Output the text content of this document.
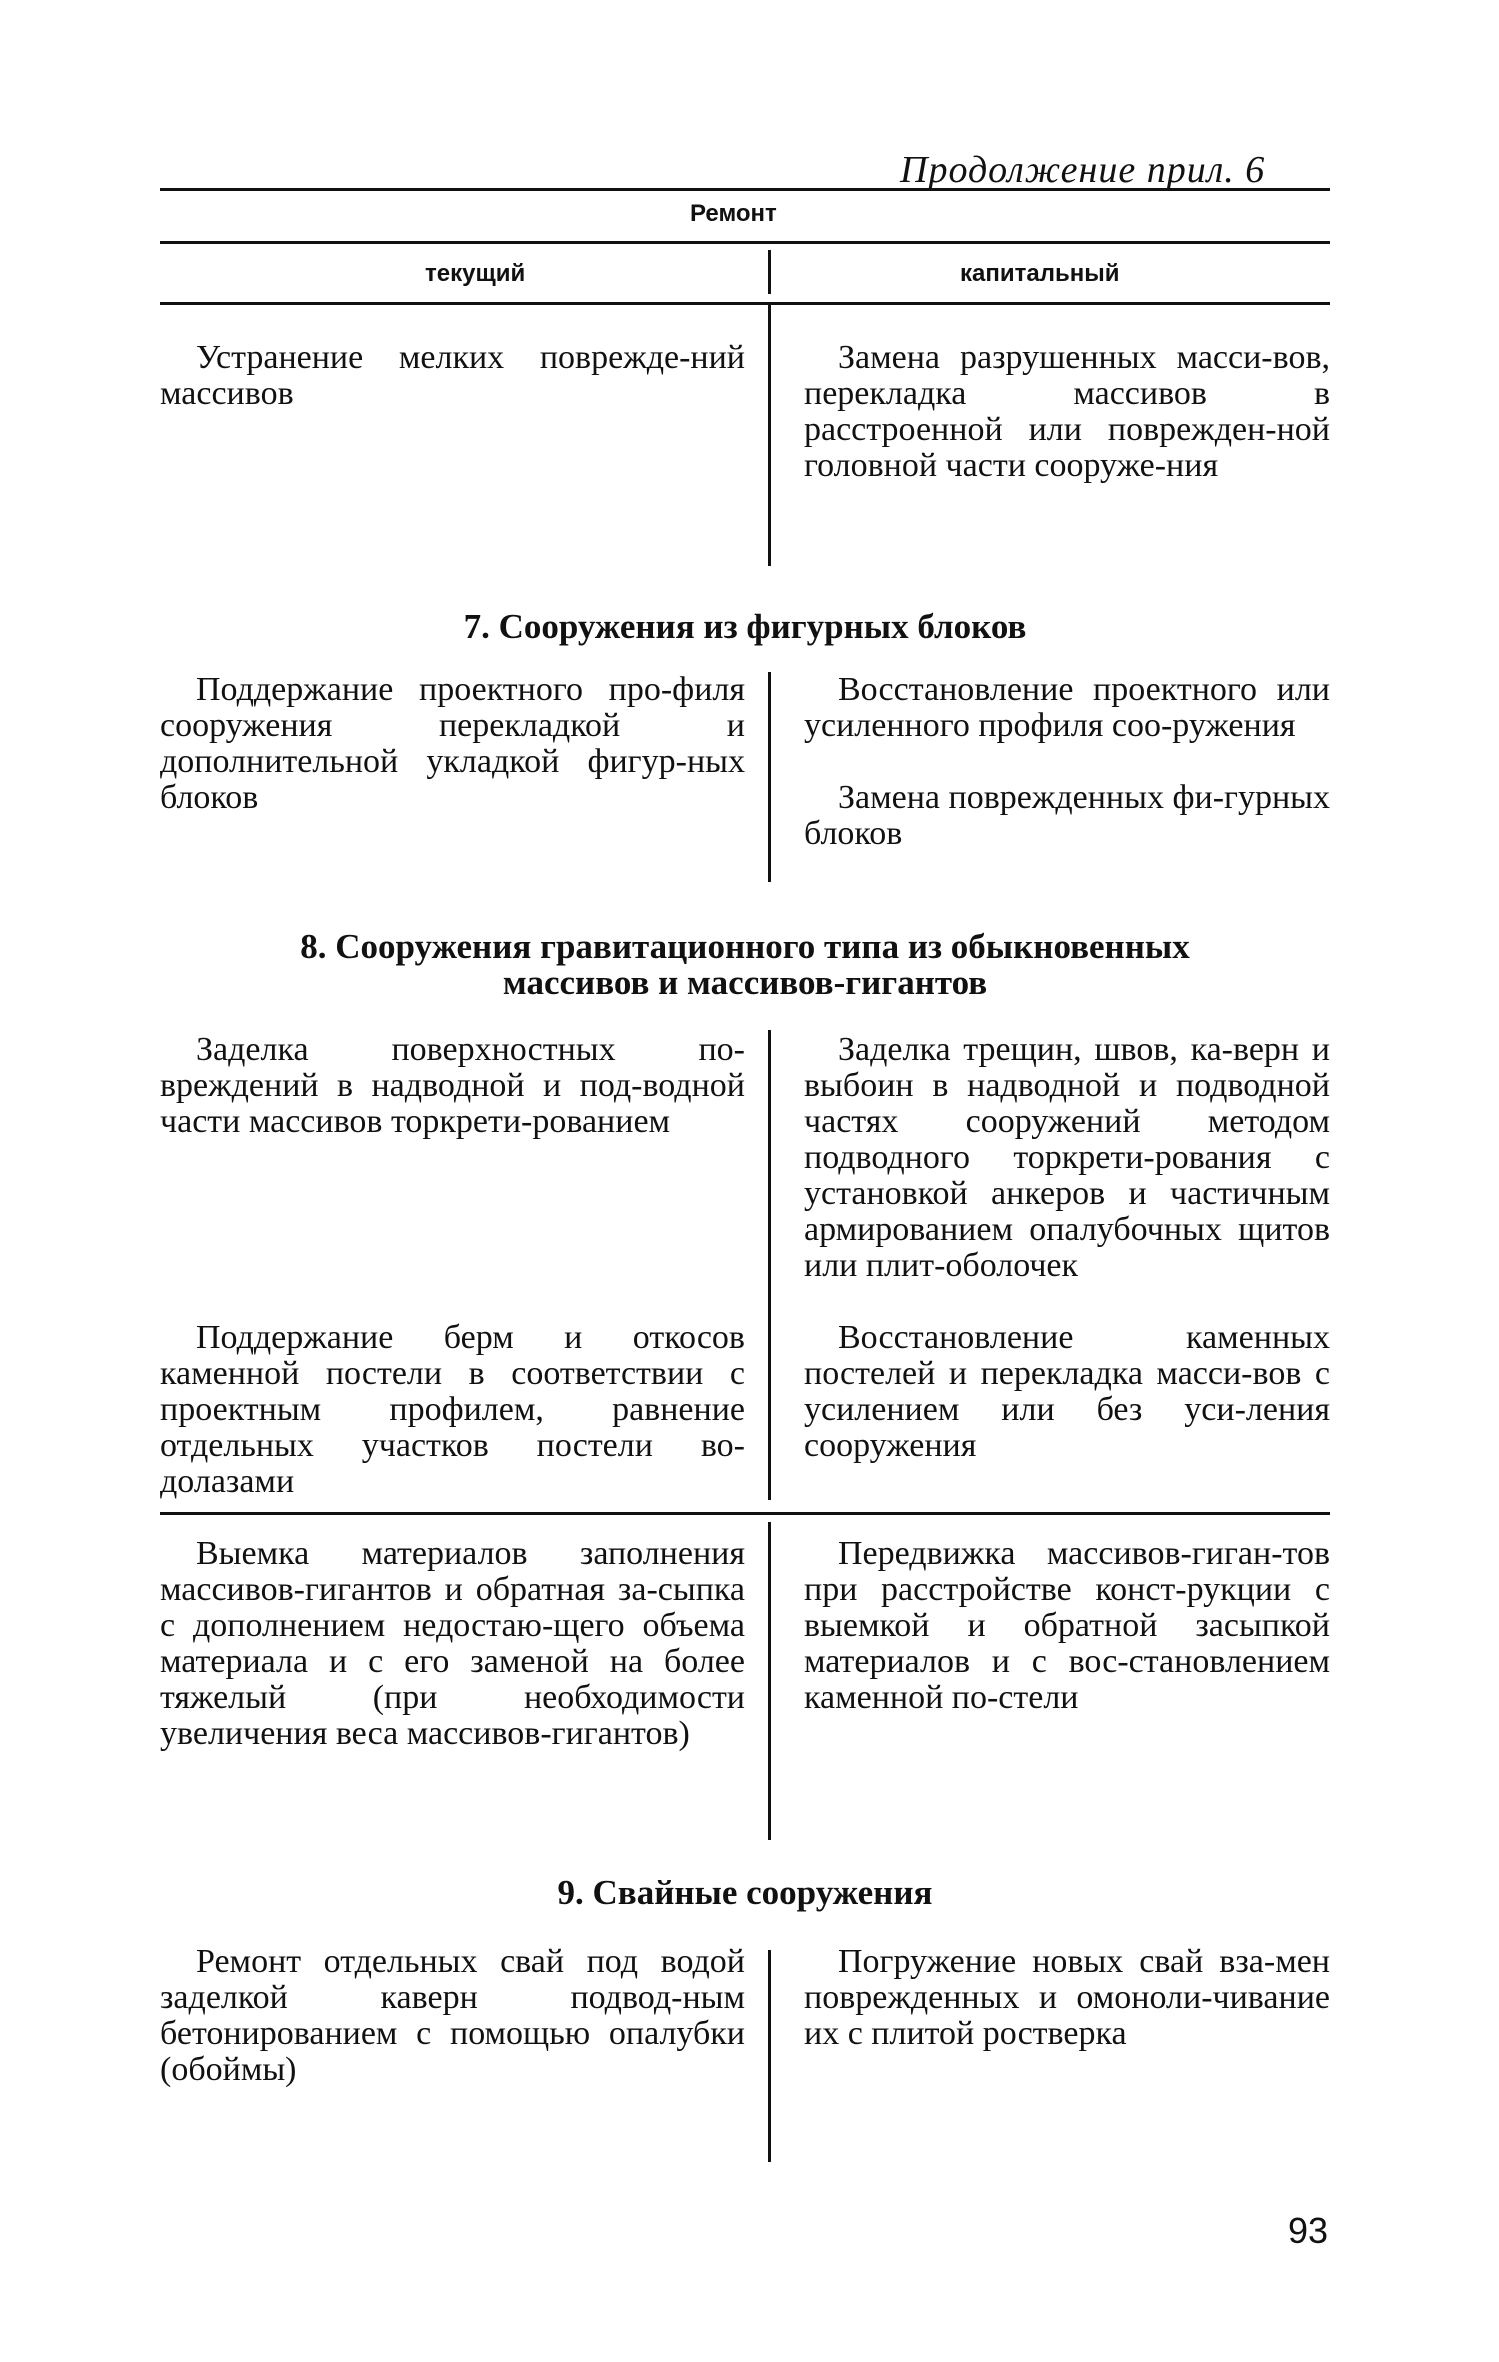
Продолжение прил. 6
Ремонт
текущий	капитальный
Устранение мелких поврежде-ний массивов
Замена разрушенных масси-вов, перекладка массивов в расстроенной или поврежден-ной головной части сооруже-ния
7. Сооружения из фигурных блоков
Поддержание проектного про-филя сооружения перекладкой и дополнительной укладкой фигур-ных блоков
Восстановление проектного или усиленного профиля соо-ружения
Замена поврежденных фи-гурных блоков
8. Сооружения гравитационного типа из обыкновенных
массивов и массивов-гигантов
Заделка поверхностных по-вреждений в надводной и под-водной части массивов торкрети-рованием
Заделка трещин, швов, ка-верн и выбоин в надводной и подводной частях сооружений методом подводного торкрети-рования с установкой анкеров и частичным армированием опалубочных щитов или плит-оболочек
Поддержание берм и откосов каменной постели в соответствии с проектным профилем, равнение отдельных участков постели во-долазами
Восстановление каменных постелей и перекладка масси-вов с усилением или без уси-ления сооружения
Выемка материалов заполнения массивов-гигантов и обратная за-сыпка с дополнением недостаю-щего объема материала и с его заменой на более тяжелый (при необходимости увеличения веса массивов-гигантов)
Передвижка массивов-гиган-тов при расстройстве конст-рукции с выемкой и обратной засыпкой материалов и с вос-становлением каменной по-стели
9. Свайные сооружения
Ремонт отдельных свай под водой заделкой каверн подвод-ным бетонированием с помощью опалубки (обоймы)
Погружение новых свай вза-мен поврежденных и омоноли-чивание их с плитой ростверка
93
